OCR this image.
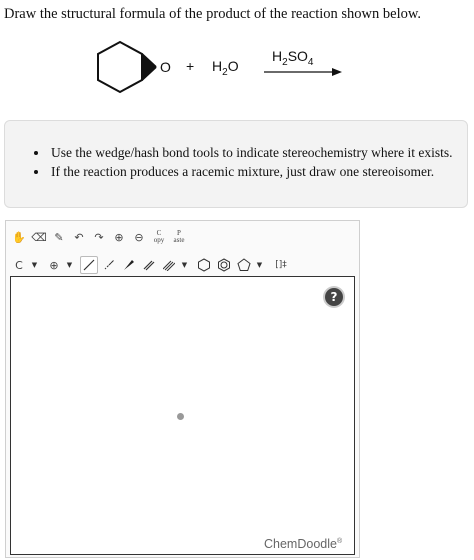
Draw the structural formula of the product of the reaction shown below.
$O + H_2O$
$H_2SO_4$
• Use the wedge/hash bond tools to indicate stereochemistry where it exists.
• If the reaction produces a racemic mixture, just draw one stereoisomer.
✋ ⌫ ✎ ↶ ↷ ⊕ ⊖	C
opy
P
aste
C	▼	⊕	▼	▼	▼	[]‡
?
ChemDoodle®
